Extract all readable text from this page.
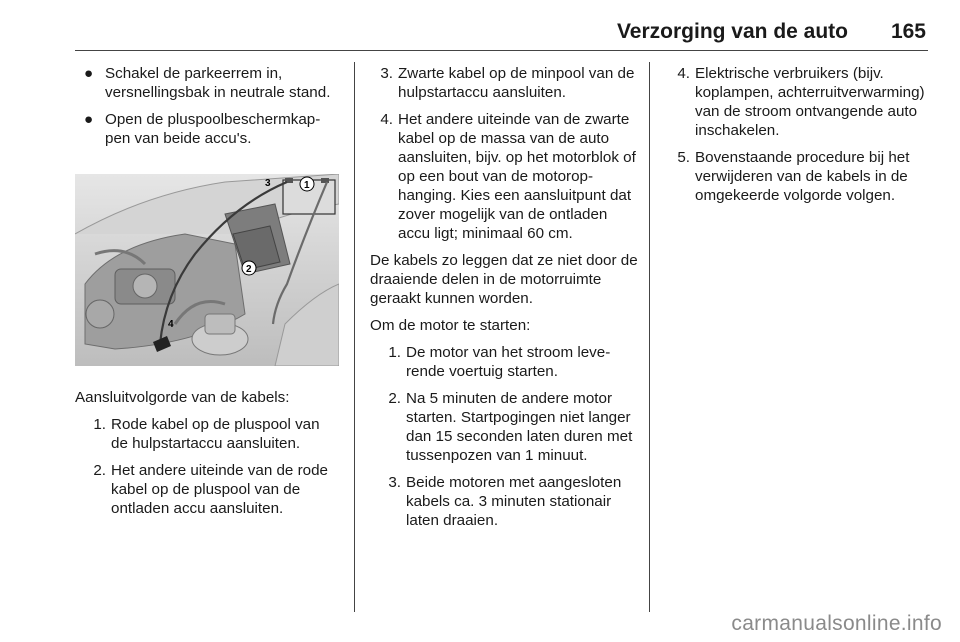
Verzorging van de auto 165
● Schakel de parkeerrem in, versnellingsbak in neutrale stand.
● Open de pluspoolbeschermkappen van beide accu's.
1
2
3
4
Aansluitvolgorde van de kabels:
1. Rode kabel op de pluspool van de hulpstartaccu aansluiten.
2. Het andere uiteinde van de rode kabel op de pluspool van de ontladen accu aansluiten.
3. Zwarte kabel op de minpool van de hulpstartaccu aansluiten.
4. Het andere uiteinde van de zwarte kabel op de massa van de auto aansluiten, bijv. op het motorblok of op een bout van de motorophanging. Kies een aansluitpunt dat zover mogelijk van de ontladen accu ligt; minimaal 60 cm.
De kabels zo leggen dat ze niet door de draaiende delen in de motorruimte geraakt kunnen worden.
Om de motor te starten:
1. De motor van het stroom leverende voertuig starten.
2. Na 5 minuten de andere motor starten. Startpogingen niet langer dan 15 seconden laten duren met tussenpozen van 1 minuut.
3. Beide motoren met aangesloten kabels ca. 3 minuten stationair laten draaien.
4. Elektrische verbruikers (bijv. koplampen, achterruitverwarming) van de stroom ontvangende auto inschakelen.
5. Bovenstaande procedure bij het verwijderen van de kabels in de omgekeerde volgorde volgen.
carmanualsonline.info
